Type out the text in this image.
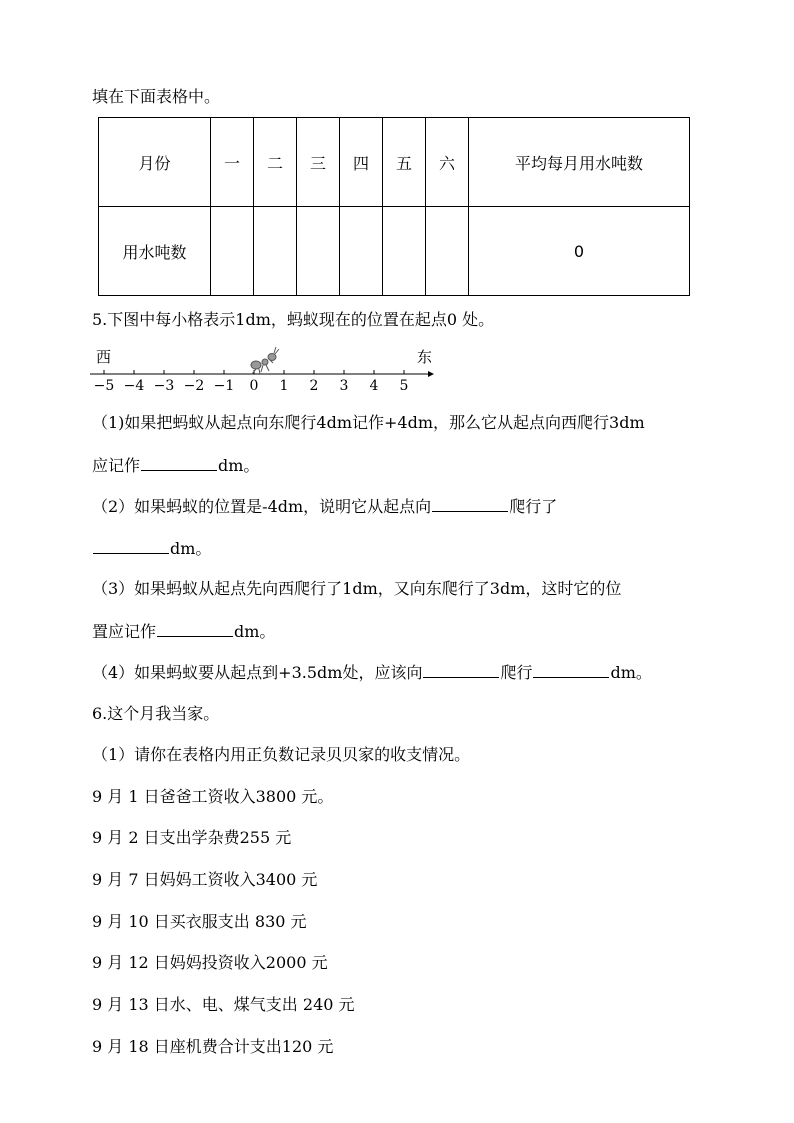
填在下面表格中。
月份	一	二	三	四	五	六	平均每月用水吨数
用水吨数							0
5.下图中每小格表示1dm，蚂蚁现在的位置在起点0 处。
西	东
−5 −4 −3 −2 −1 0 1 2 3 4 5
（1)如果把蚂蚁从起点向东爬行4dm记作+4dm，那么它从起点向西爬行3dm
应记作	dm。
（2）如果蚂蚁的位置是-4dm，说明它从起点向	爬行了
dm。
（3）如果蚂蚁从起点先向西爬行了1dm，又向东爬行了3dm，这时它的位
置应记作	dm。
（4）如果蚂蚁要从起点到+3.5dm处，应该向	爬行	dm。
6.这个月我当家。
（1）请你在表格内用正负数记录贝贝家的收支情况。
9 月 1 日爸爸工资收入3800 元。
9 月 2 日支出学杂费255 元
9 月 7 日妈妈工资收入3400 元
9 月 10 日买衣服支出 830 元
9 月 12 日妈妈投资收入2000 元
9 月 13 日水、电、煤气支出 240 元
9 月 18 日座机费合计支出120 元
